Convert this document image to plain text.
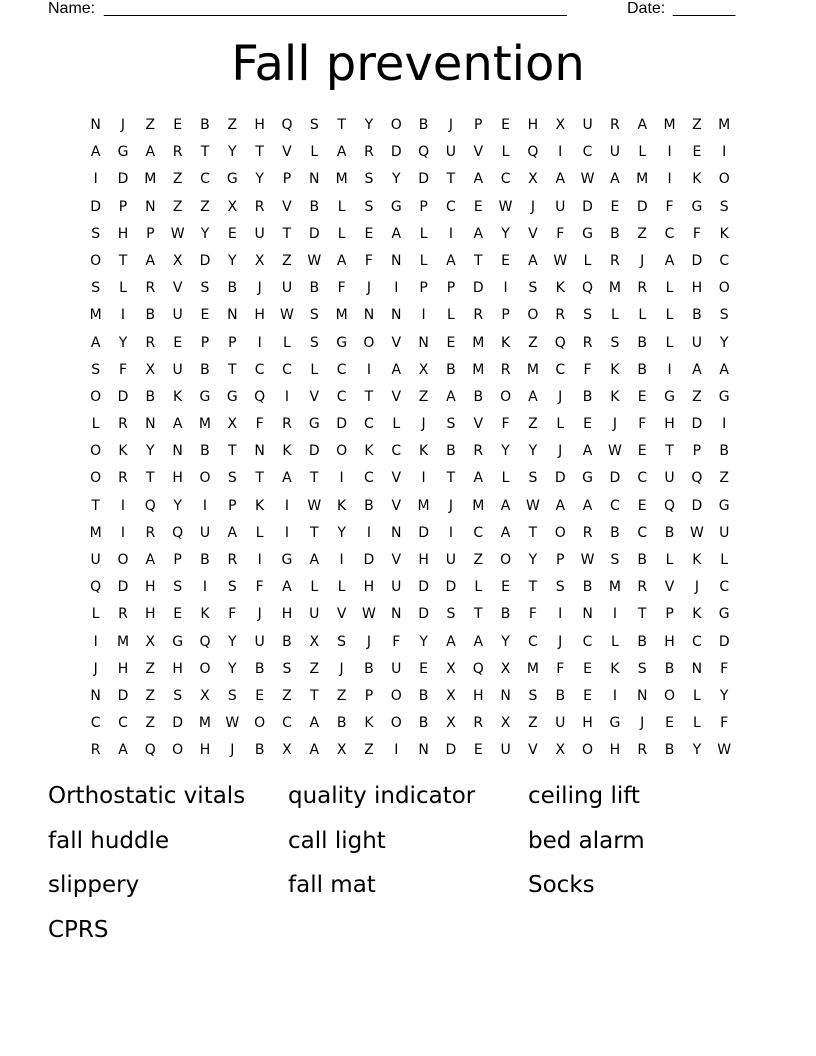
Name: ____________________________________________________	Date: _______
Fall prevention
N	J	Z	E	B	Z	H	Q	S	T	Y	O	B	J	P	E	H	X	U	R	A	M	Z	M
A	G	A	R	T	Y	T	V	L	A	R	D	Q	U	V	L	Q	I	C	U	L	I	E	I
I	D	M	Z	C	G	Y	P	N	M	S	Y	D	T	A	C	X	A	W	A	M	I	K	O
D	P	N	Z	Z	X	R	V	B	L	S	G	P	C	E	W	J	U	D	E	D	F	G	S
S	H	P	W	Y	E	U	T	D	L	E	A	L	I	A	Y	V	F	G	B	Z	C	F	K
O	T	A	X	D	Y	X	Z	W	A	F	N	L	A	T	E	A	W	L	R	J	A	D	C
S	L	R	V	S	B	J	U	B	F	J	I	P	P	D	I	S	K	Q	M	R	L	H	O
M	I	B	U	E	N	H	W	S	M	N	N	I	L	R	P	O	R	S	L	L	L	B	S
A	Y	R	E	P	P	I	L	S	G	O	V	N	E	M	K	Z	Q	R	S	B	L	U	Y
S	F	X	U	B	T	C	C	L	C	I	A	X	B	M	R	M	C	F	K	B	I	A	A
O	D	B	K	G	G	Q	I	V	C	T	V	Z	A	B	O	A	J	B	K	E	G	Z	G
L	R	N	A	M	X	F	R	G	D	C	L	J	S	V	F	Z	L	E	J	F	H	D	I
O	K	Y	N	B	T	N	K	D	O	K	C	K	B	R	Y	Y	J	A	W	E	T	P	B
O	R	T	H	O	S	T	A	T	I	C	V	I	T	A	L	S	D	G	D	C	U	Q	Z
T	I	Q	Y	I	P	K	I	W	K	B	V	M	J	M	A	W	A	A	C	E	Q	D	G
M	I	R	Q	U	A	L	I	T	Y	I	N	D	I	C	A	T	O	R	B	C	B	W	U
U	O	A	P	B	R	I	G	A	I	D	V	H	U	Z	O	Y	P	W	S	B	L	K	L
Q	D	H	S	I	S	F	A	L	L	H	U	D	D	L	E	T	S	B	M	R	V	J	C
L	R	H	E	K	F	J	H	U	V	W	N	D	S	T	B	F	I	N	I	T	P	K	G
I	M	X	G	Q	Y	U	B	X	S	J	F	Y	A	A	Y	C	J	C	L	B	H	C	D
J	H	Z	H	O	Y	B	S	Z	J	B	U	E	X	Q	X	M	F	E	K	S	B	N	F
N	D	Z	S	X	S	E	Z	T	Z	P	O	B	X	H	N	S	B	E	I	N	O	L	Y
C	C	Z	D	M	W	O	C	A	B	K	O	B	X	R	X	Z	U	H	G	J	E	L	F
R	A	Q	O	H	J	B	X	A	X	Z	I	N	D	E	U	V	X	O	H	R	B	Y	W
Orthostatic vitals	quality indicator	ceiling lift
fall huddle	call light	bed alarm
slippery	fall mat	Socks
CPRS
